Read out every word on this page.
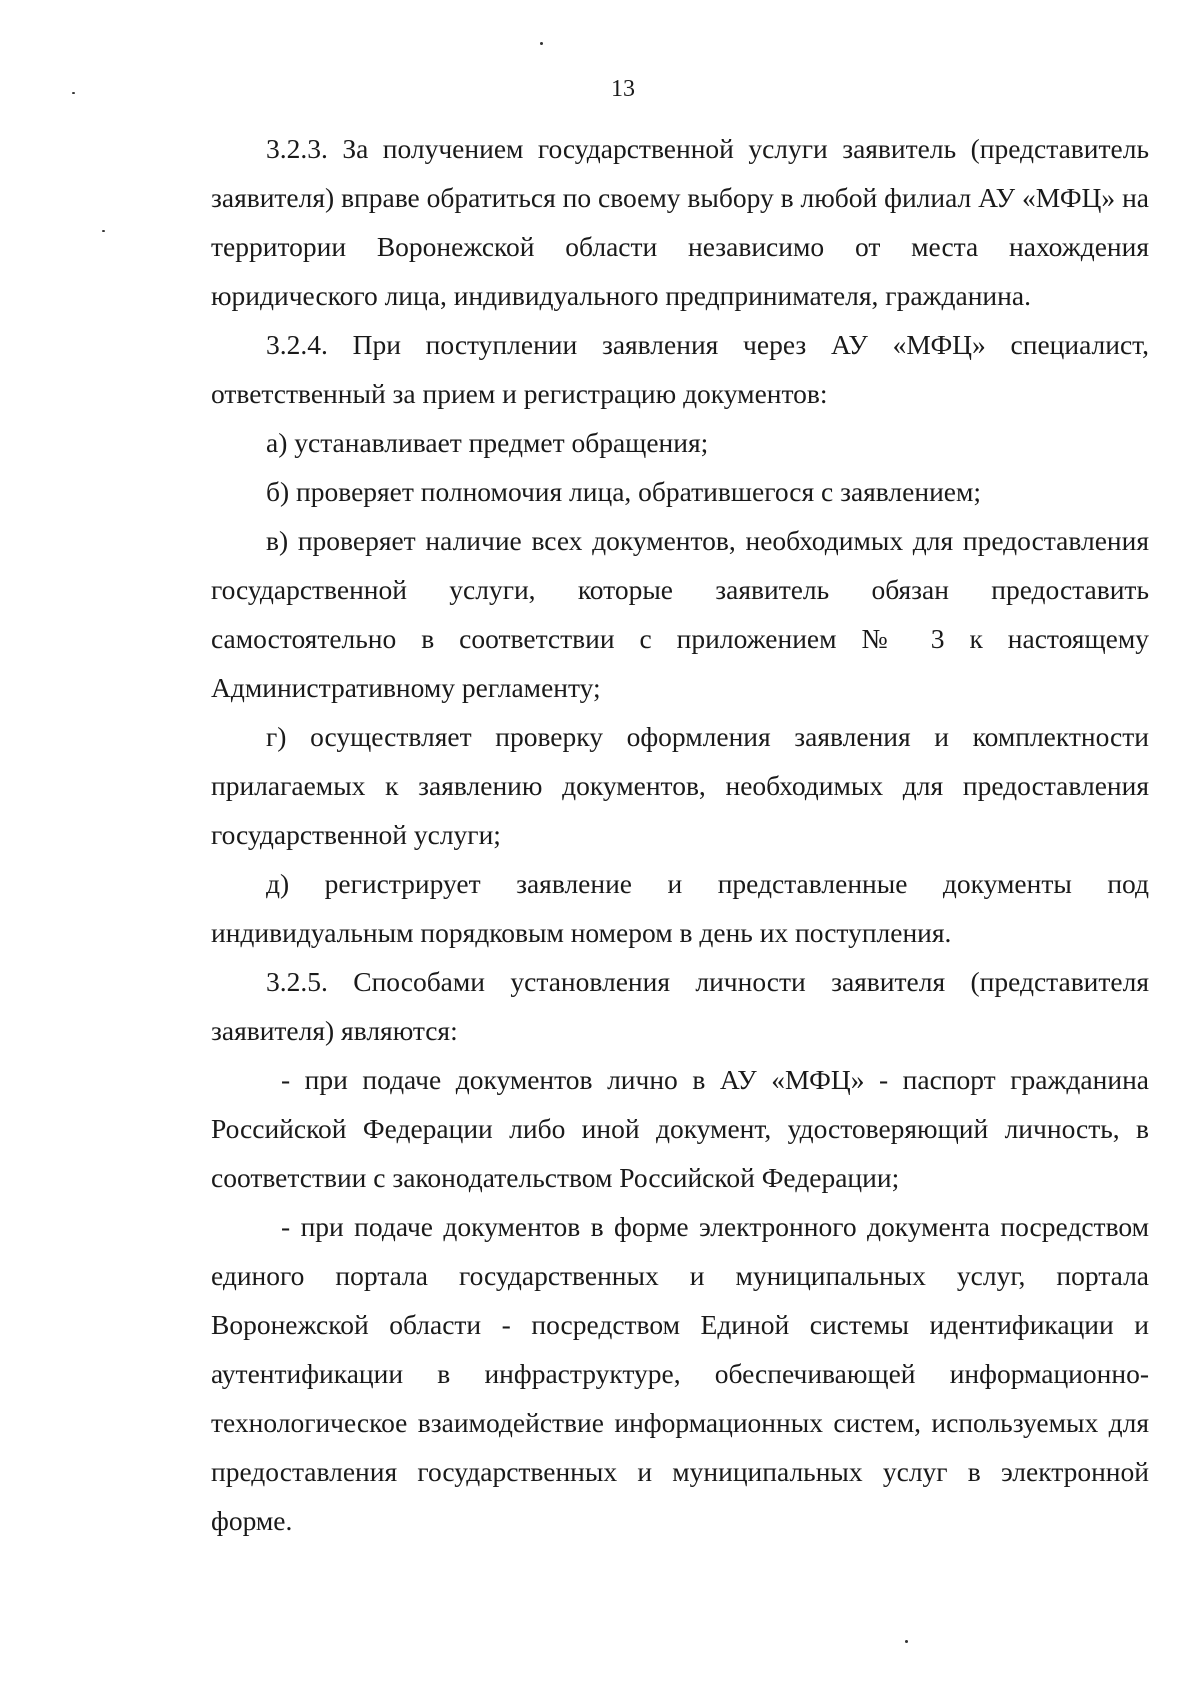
13

3.2.3. За получением государственной услуги заявитель (представитель заявителя) вправе обратиться по своему выбору в любой филиал АУ «МФЦ» на территории Воронежской области независимо от места нахождения юридического лица, индивидуального предпринимателя, гражданина.

3.2.4. При поступлении заявления через АУ «МФЦ» специалист, ответственный за прием и регистрацию документов:

а) устанавливает предмет обращения;

б) проверяет полномочия лица, обратившегося с заявлением;

в) проверяет наличие всех документов, необходимых для предоставления государственной услуги, которые заявитель обязан предоставить самостоятельно в соответствии с приложением № 3 к настоящему Административному регламенту;

г) осуществляет проверку оформления заявления и комплектности прилагаемых к заявлению документов, необходимых для предоставления государственной услуги;

д) регистрирует заявление и представленные документы под индивидуальным порядковым номером в день их поступления.

3.2.5. Способами установления личности заявителя (представителя заявителя) являются:

- при подаче документов лично в АУ «МФЦ» - паспорт гражданина Российской Федерации либо иной документ, удостоверяющий личность, в соответствии с законодательством Российской Федерации;

- при подаче документов в форме электронного документа посредством единого портала государственных и муниципальных услуг, портала Воронежской области - посредством Единой системы идентификации и аутентификации в инфраструктуре, обеспечивающей информационно-технологическое взаимодействие информационных систем, используемых для предоставления государственных и муниципальных услуг в электронной форме.
